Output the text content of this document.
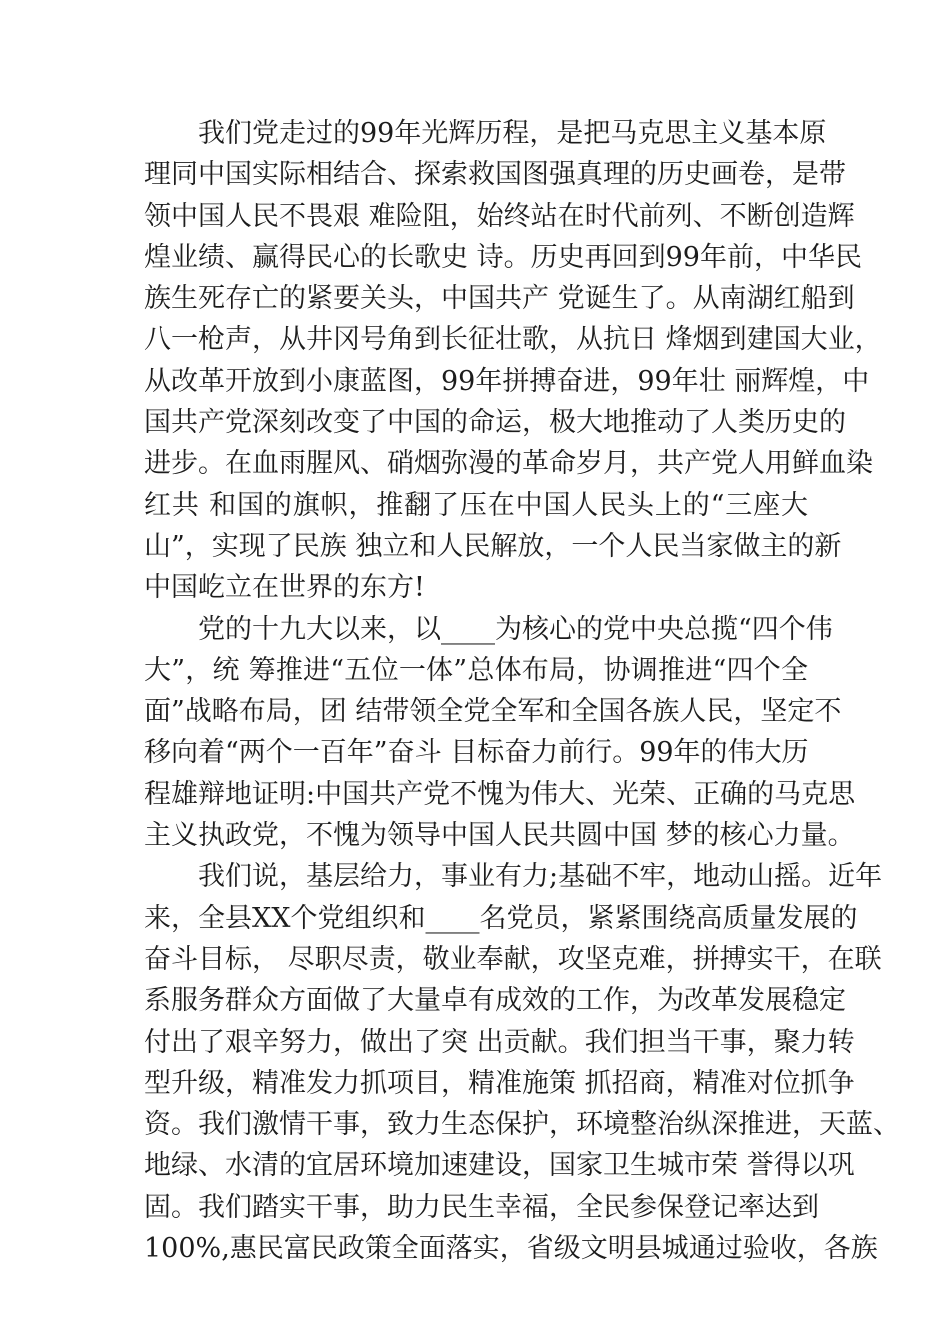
我们党走过的99年光辉历程，是把马克思主义基本原
理同中国实际相结合、探索救国图强真理的历史画卷，是带
领中国人民不畏艰 难险阻，始终站在时代前列、不断创造辉
煌业绩、赢得民心的长歌史 诗。历史再回到99年前，中华民
族生死存亡的紧要关头，中国共产 党诞生了。从南湖红船到
八一枪声，从井冈号角到长征壮歌，从抗日 烽烟到建国大业，
从改革开放到小康蓝图，99年拼搏奋进，99年壮 丽辉煌，中
国共产党深刻改变了中国的命运，极大地推动了人类历史的
进步。在血雨腥风、硝烟弥漫的革命岁月，共产党人用鲜血染
红共 和国的旗帜，推翻了压在中国人民头上的“三座大
山”，实现了民族 独立和人民解放，一个人民当家做主的新
中国屹立在世界的东方!
党的十九大以来，以____为核心的党中央总揽“四个伟
大”，统 筹推进“五位一体”总体布局，协调推进“四个全
面”战略布局，团 结带领全党全军和全国各族人民，坚定不
移向着“两个一百年”奋斗 目标奋力前行。99年的伟大历
程雄辩地证明:中国共产党不愧为伟大、光荣、正确的马克思
主义执政党，不愧为领导中国人民共圆中国 梦的核心力量。
我们说，基层给力，事业有力;基础不牢，地动山摇。近年
来，全县XX个党组织和____名党员，紧紧围绕高质量发展的
奋斗目标， 尽职尽责，敬业奉献，攻坚克难，拼搏实干，在联
系服务群众方面做了大量卓有成效的工作，为改革发展稳定
付出了艰辛努力，做出了突 出贡献。我们担当干事，聚力转
型升级，精准发力抓项目，精准施策 抓招商，精准对位抓争
资。我们激情干事，致力生态保护，环境整治纵深推进，天蓝、
地绿、水清的宜居环境加速建设，国家卫生城市荣 誉得以巩
固。我们踏实干事，助力民生幸福，全民参保登记率达到
100%,惠民富民政策全面落实，省级文明县城通过验收，各族
